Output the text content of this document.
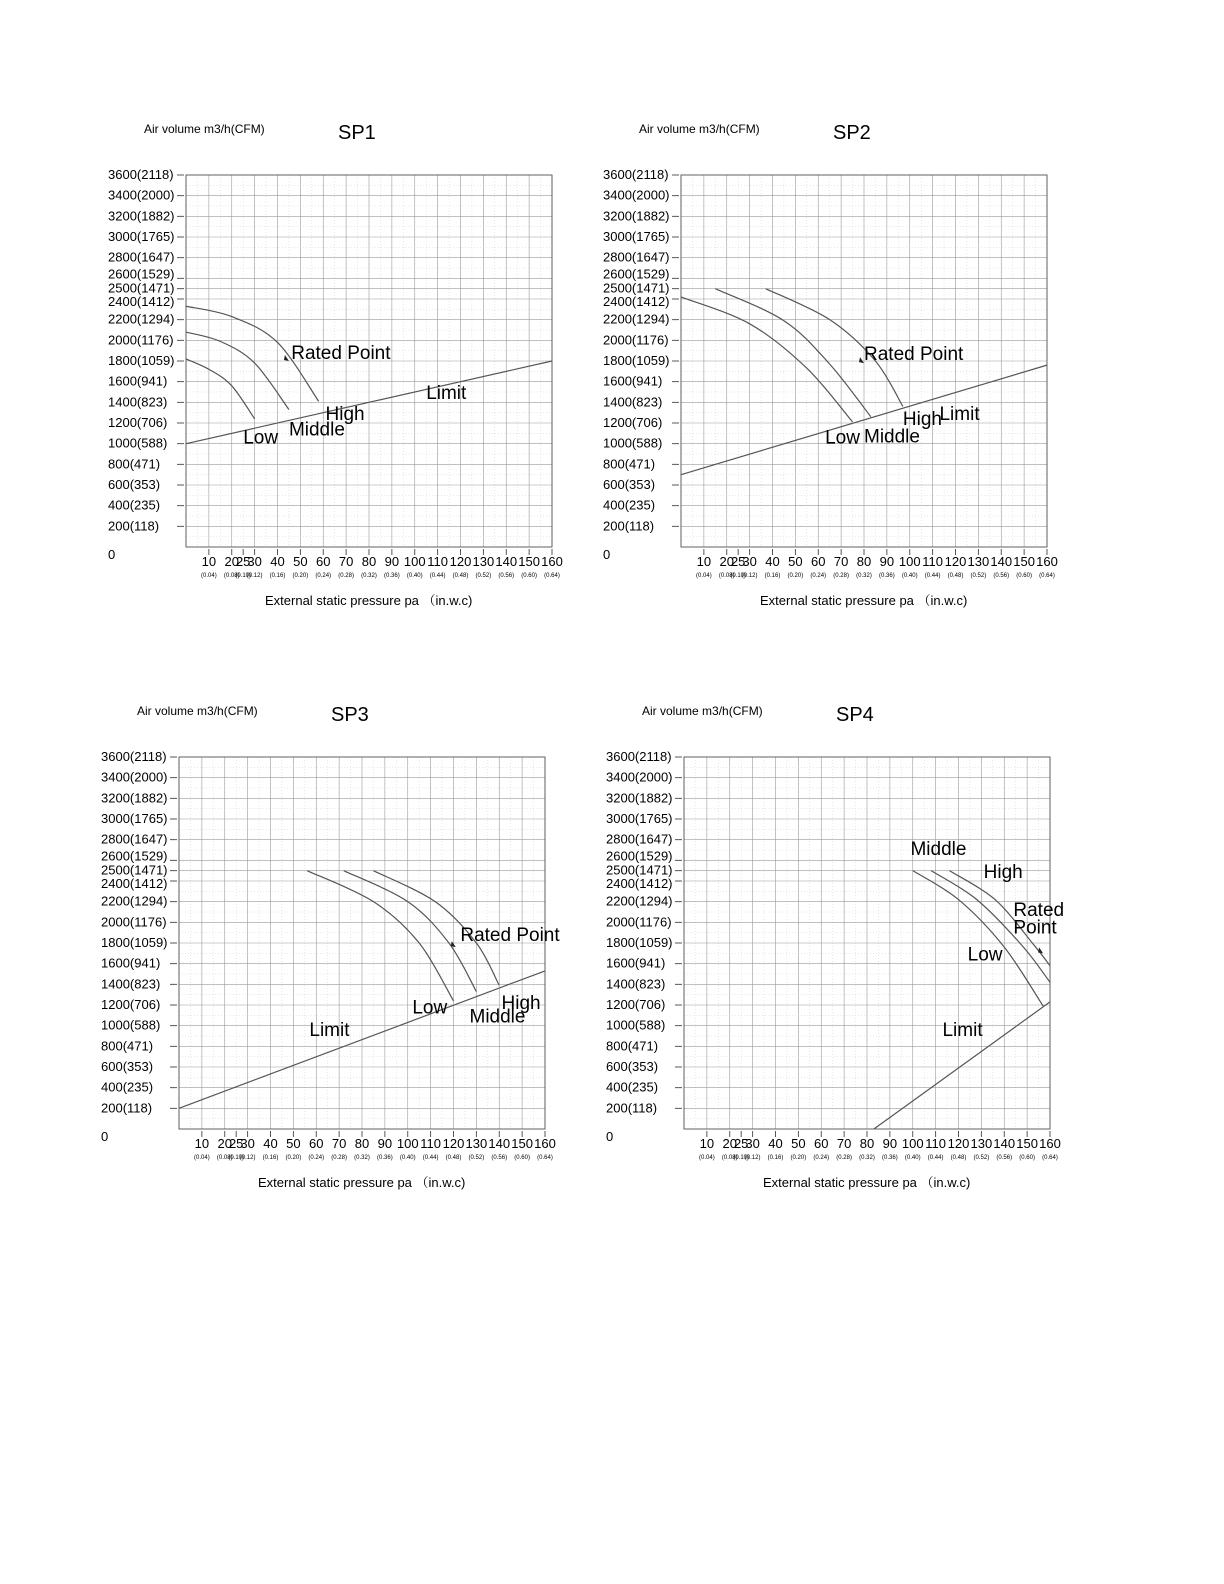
Air volume m3/h(CFM)	SP1
3600(2118)
3400(2000)
3200(1882)
3000(1765)
2800(1647)
2600(1529)
2500(1471)
2400(1412)
2200(1294)
2000(1176)
1800(1059)
1600(941)
1400(823)
1200(706)
1000(588)
800(471)
600(353)
400(235)
200(118)
0	10
(0.04)
20
(0.08)
25
(0.10)
30
(0.12)
40
(0.16)
50
(0.20)
60
(0.24)
70
(0.28)
80
(0.32)
90
(0.36)
100
(0.40)
110
(0.44)
120
(0.48)
130
(0.52)
140
(0.56)
150
(0.60)
160
(0.64)
External static pressure pa （in.w.c)
Low Middle
High
Rated Point
Limit
Air volume m3/h(CFM)	SP2
3600(2118)
3400(2000)
3200(1882)
3000(1765)
2800(1647)
2600(1529)
2500(1471)
2400(1412)
2200(1294)
2000(1176)
1800(1059)
1600(941)
1400(823)
1200(706)
1000(588)
800(471)
600(353)
400(235)
200(118)
0	10
(0.04)
20
(0.08)
25
(0.10)
30
(0.12)
40
(0.16)
50
(0.20)
60
(0.24)
70
(0.28)
80
(0.32)
90
(0.36)
100
(0.40)
110
(0.44)
120
(0.48)
130
(0.52)
140
(0.56)
150
(0.60)
160
(0.64)
External static pressure pa （in.w.c)
Low Middle
High
Limit
Rated Point
Air volume m3/h(CFM)	SP3
3600(2118)
3400(2000)
3200(1882)
3000(1765)
2800(1647)
2600(1529)
2500(1471)
2400(1412)
2200(1294)
2000(1176)
1800(1059)
1600(941)
1400(823)
1200(706)
1000(588)
800(471)
600(353)
400(235)
200(118)
0	10
(0.04)
20
(0.08)
25
(0.10)
30
(0.12)
40
(0.16)
50
(0.20)
60
(0.24)
70
(0.28)
80
(0.32)
90
(0.36)
100
(0.40)
110
(0.44)
120
(0.48)
130
(0.52)
140
(0.56)
150
(0.60)
160
(0.64)
External static pressure pa （in.w.c)
Low Middle
High
Limit
Rated Point
Air volume m3/h(CFM)	SP4
3600(2118)
3400(2000)
3200(1882)
3000(1765)
2800(1647)
2600(1529)
2500(1471)
2400(1412)
2200(1294)
2000(1176)
1800(1059)
1600(941)
1400(823)
1200(706)
1000(588)
800(471)
600(353)
400(235)
200(118)
0	10
(0.04)
20
(0.08)
25
(0.10)
30
(0.12)
40
(0.16)
50
(0.20)
60
(0.24)
70
(0.28)
80
(0.32)
90
(0.36)
100
(0.40)
110
(0.44)
120
(0.48)
130
(0.52)
140
(0.56)
150
(0.60)
160
(0.64)
External static pressure pa （in.w.c)
Middle
High
Rated
Point
Low
Limit
